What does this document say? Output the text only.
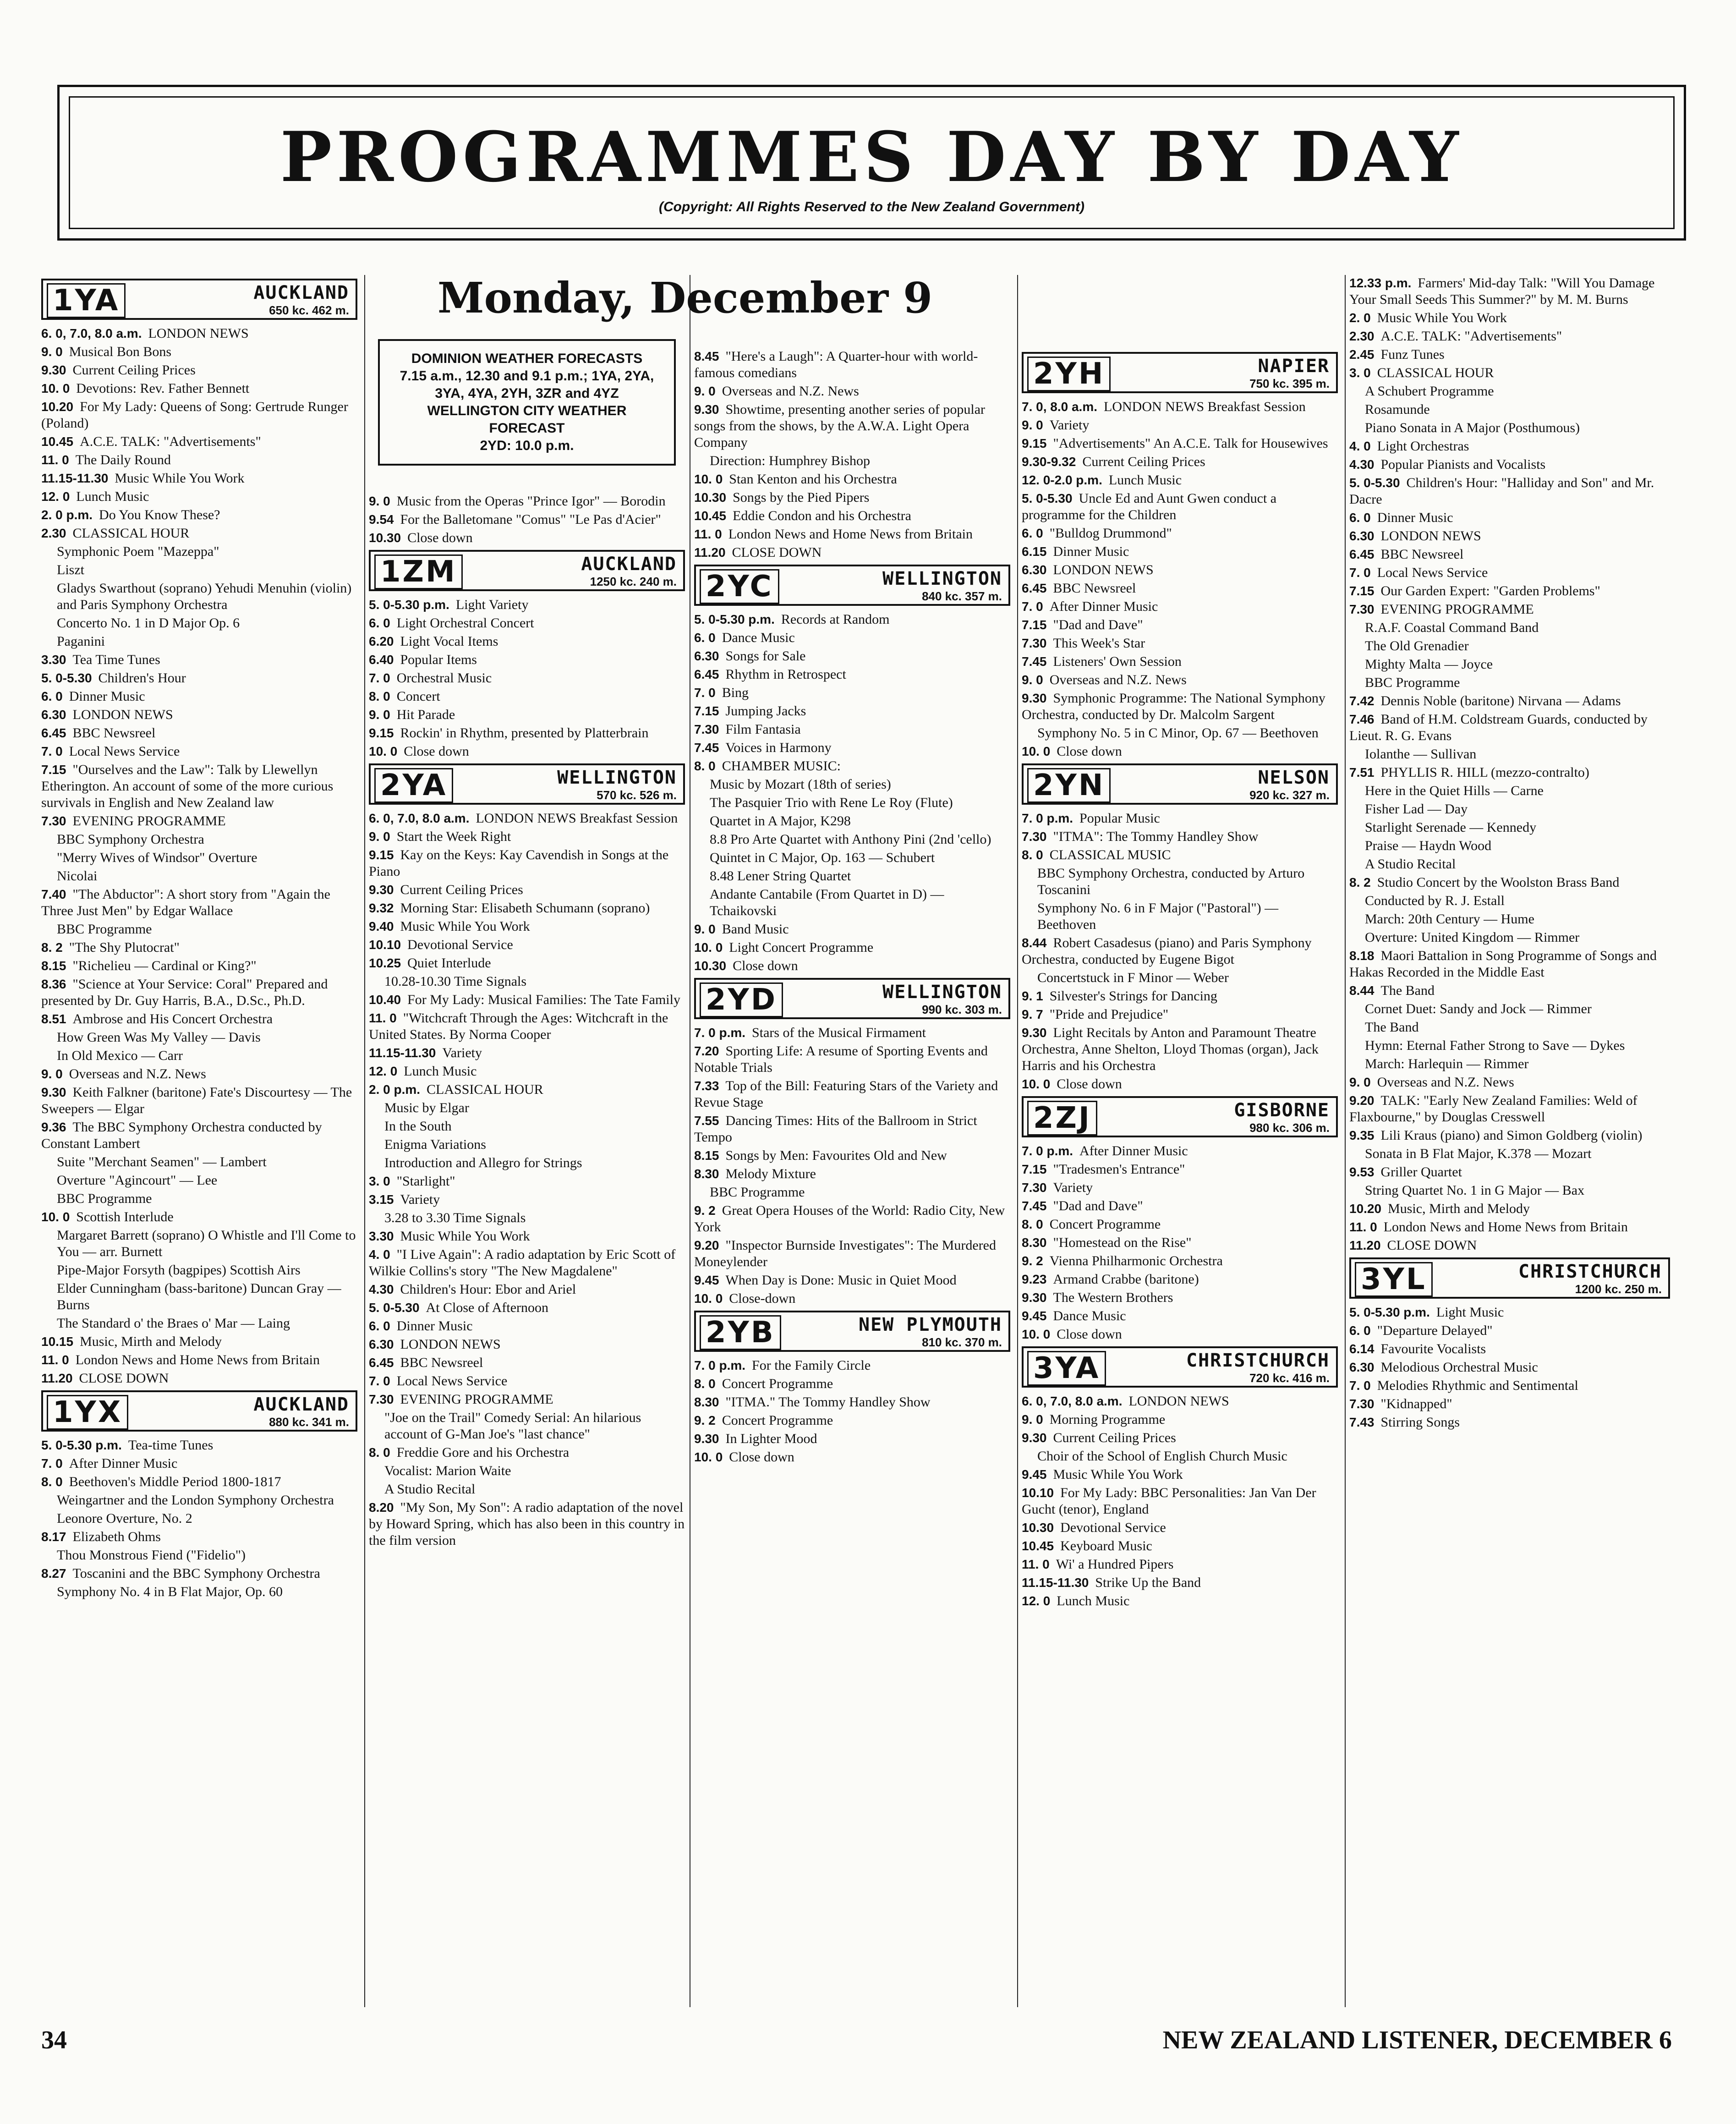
PROGRAMMES DAY BY DAY
(Copyright: All Rights Reserved to the New Zealand Government)
1YA	AUCKLAND
650 kc. 462 m.
6. 0, 7.0, 8.0 a.m. LONDON NEWS
9. 0 Musical Bon Bons
9.30 Current Ceiling Prices
10. 0 Devotions: Rev. Father Bennett
10.20 For My Lady: Queens of Song: Gertrude Runger (Poland)
10.45 A.C.E. TALK: "Advertisements"
11. 0 The Daily Round
11.15-11.30 Music While You Work
12. 0 Lunch Music
2. 0 p.m. Do You Know These?
2.30 CLASSICAL HOUR
Symphonic Poem "Mazeppa"
Liszt
Gladys Swarthout (soprano) Yehudi Menuhin (violin) and Paris Symphony Orchestra
Concerto No. 1 in D Major Op. 6
Paganini
3.30 Tea Time Tunes
5. 0-5.30 Children's Hour
6. 0 Dinner Music
6.30 LONDON NEWS
6.45 BBC Newsreel
7. 0 Local News Service
7.15 "Ourselves and the Law": Talk by Llewellyn Etherington. An account of some of the more curious survivals in English and New Zealand law
7.30 EVENING PROGRAMME
BBC Symphony Orchestra
"Merry Wives of Windsor" Overture
Nicolai
7.40 "The Abductor": A short story from "Again the Three Just Men" by Edgar Wallace
BBC Programme
8. 2 "The Shy Plutocrat"
8.15 "Richelieu — Cardinal or King?"
8.36 "Science at Your Service: Coral" Prepared and presented by Dr. Guy Harris, B.A., D.Sc., Ph.D.
8.51 Ambrose and His Concert Orchestra
How Green Was My Valley — Davis
In Old Mexico — Carr
9. 0 Overseas and N.Z. News
9.30 Keith Falkner (baritone) Fate's Discourtesy — The Sweepers — Elgar
9.36 The BBC Symphony Orchestra conducted by Constant Lambert
Suite "Merchant Seamen" — Lambert
Overture "Agincourt" — Lee
BBC Programme
10. 0 Scottish Interlude
Margaret Barrett (soprano) O Whistle and I'll Come to You — arr. Burnett
Pipe-Major Forsyth (bagpipes) Scottish Airs
Elder Cunningham (bass-baritone) Duncan Gray — Burns
The Standard o' the Braes o' Mar — Laing
10.15 Music, Mirth and Melody
11. 0 London News and Home News from Britain
11.20 CLOSE DOWN
1YX	AUCKLAND
880 kc. 341 m.
5. 0-5.30 p.m. Tea-time Tunes
7. 0 After Dinner Music
8. 0 Beethoven's Middle Period 1800-1817
Weingartner and the London Symphony Orchestra
Leonore Overture, No. 2
8.17 Elizabeth Ohms
Thou Monstrous Fiend ("Fidelio")
8.27 Toscanini and the BBC Symphony Orchestra
Symphony No. 4 in B Flat Major, Op. 60
Monday, December 9
DOMINION WEATHER FORECASTS
7.15 a.m., 12.30 and 9.1 p.m.; 1YA, 2YA, 3YA, 4YA, 2YH, 3ZR and 4YZ
WELLINGTON CITY WEATHER FORECAST
2YD: 10.0 p.m.
9. 0 Music from the Operas "Prince Igor" — Borodin
9.54 For the Balletomane "Comus" "Le Pas d'Acier"
10.30 Close down
1ZM	AUCKLAND
1250 kc. 240 m.
5. 0-5.30 p.m. Light Variety
6. 0 Light Orchestral Concert
6.20 Light Vocal Items
6.40 Popular Items
7. 0 Orchestral Music
8. 0 Concert
9. 0 Hit Parade
9.15 Rockin' in Rhythm, presented by Platterbrain
10. 0 Close down
2YA	WELLINGTON
570 kc. 526 m.
6. 0, 7.0, 8.0 a.m. LONDON NEWS Breakfast Session
9. 0 Start the Week Right
9.15 Kay on the Keys: Kay Cavendish in Songs at the Piano
9.30 Current Ceiling Prices
9.32 Morning Star: Elisabeth Schumann (soprano)
9.40 Music While You Work
10.10 Devotional Service
10.25 Quiet Interlude
10.28-10.30 Time Signals
10.40 For My Lady: Musical Families: The Tate Family
11. 0 "Witchcraft Through the Ages: Witchcraft in the United States. By Norma Cooper
11.15-11.30 Variety
12. 0 Lunch Music
2. 0 p.m. CLASSICAL HOUR
Music by Elgar
In the South
Enigma Variations
Introduction and Allegro for Strings
3. 0 "Starlight"
3.15 Variety
3.28 to 3.30 Time Signals
3.30 Music While You Work
4. 0 "I Live Again": A radio adaptation by Eric Scott of Wilkie Collins's story "The New Magdalene"
4.30 Children's Hour: Ebor and Ariel
5. 0-5.30 At Close of Afternoon
6. 0 Dinner Music
6.30 LONDON NEWS
6.45 BBC Newsreel
7. 0 Local News Service
7.30 EVENING PROGRAMME
"Joe on the Trail" Comedy Serial: An hilarious account of G-Man Joe's "last chance"
8. 0 Freddie Gore and his Orchestra
Vocalist: Marion Waite
A Studio Recital
8.20 "My Son, My Son": A radio adaptation of the novel by Howard Spring, which has also been in this country in the film version
8.45 "Here's a Laugh": A Quarter-hour with world-famous comedians
9. 0 Overseas and N.Z. News
9.30 Showtime, presenting another series of popular songs from the shows, by the A.W.A. Light Opera Company
Direction: Humphrey Bishop
10. 0 Stan Kenton and his Orchestra
10.30 Songs by the Pied Pipers
10.45 Eddie Condon and his Orchestra
11. 0 London News and Home News from Britain
11.20 CLOSE DOWN
2YC	WELLINGTON
840 kc. 357 m.
5. 0-5.30 p.m. Records at Random
6. 0 Dance Music
6.30 Songs for Sale
6.45 Rhythm in Retrospect
7. 0 Bing
7.15 Jumping Jacks
7.30 Film Fantasia
7.45 Voices in Harmony
8. 0 CHAMBER MUSIC:
Music by Mozart (18th of series)
The Pasquier Trio with Rene Le Roy (Flute)
Quartet in A Major, K298
8.8 Pro Arte Quartet with Anthony Pini (2nd 'cello)
Quintet in C Major, Op. 163 — Schubert
8.48 Lener String Quartet
Andante Cantabile (From Quartet in D) — Tchaikovski
9. 0 Band Music
10. 0 Light Concert Programme
10.30 Close down
2YD	WELLINGTON
990 kc. 303 m.
7. 0 p.m. Stars of the Musical Firmament
7.20 Sporting Life: A resume of Sporting Events and Notable Trials
7.33 Top of the Bill: Featuring Stars of the Variety and Revue Stage
7.55 Dancing Times: Hits of the Ballroom in Strict Tempo
8.15 Songs by Men: Favourites Old and New
8.30 Melody Mixture
BBC Programme
9. 2 Great Opera Houses of the World: Radio City, New York
9.20 "Inspector Burnside Investigates": The Murdered Moneylender
9.45 When Day is Done: Music in Quiet Mood
10. 0 Close-down
2YB	NEW PLYMOUTH
810 kc. 370 m.
7. 0 p.m. For the Family Circle
8. 0 Concert Programme
8.30 "ITMA." The Tommy Handley Show
9. 2 Concert Programme
9.30 In Lighter Mood
10. 0 Close down
2YH	NAPIER
750 kc. 395 m.
7. 0, 8.0 a.m. LONDON NEWS Breakfast Session
9. 0 Variety
9.15 "Advertisements" An A.C.E. Talk for Housewives
9.30-9.32 Current Ceiling Prices
12. 0-2.0 p.m. Lunch Music
5. 0-5.30 Uncle Ed and Aunt Gwen conduct a programme for the Children
6. 0 "Bulldog Drummond"
6.15 Dinner Music
6.30 LONDON NEWS
6.45 BBC Newsreel
7. 0 After Dinner Music
7.15 "Dad and Dave"
7.30 This Week's Star
7.45 Listeners' Own Session
9. 0 Overseas and N.Z. News
9.30 Symphonic Programme: The National Symphony Orchestra, conducted by Dr. Malcolm Sargent
Symphony No. 5 in C Minor, Op. 67 — Beethoven
10. 0 Close down
2YN	NELSON
920 kc. 327 m.
7. 0 p.m. Popular Music
7.30 "ITMA": The Tommy Handley Show
8. 0 CLASSICAL MUSIC
BBC Symphony Orchestra, conducted by Arturo Toscanini
Symphony No. 6 in F Major ("Pastoral") — Beethoven
8.44 Robert Casadesus (piano) and Paris Symphony Orchestra, conducted by Eugene Bigot
Concertstuck in F Minor — Weber
9. 1 Silvester's Strings for Dancing
9. 7 "Pride and Prejudice"
9.30 Light Recitals by Anton and Paramount Theatre Orchestra, Anne Shelton, Lloyd Thomas (organ), Jack Harris and his Orchestra
10. 0 Close down
2ZJ	GISBORNE
980 kc. 306 m.
7. 0 p.m. After Dinner Music
7.15 "Tradesmen's Entrance"
7.30 Variety
7.45 "Dad and Dave"
8. 0 Concert Programme
8.30 "Homestead on the Rise"
9. 2 Vienna Philharmonic Orchestra
9.23 Armand Crabbe (baritone)
9.30 The Western Brothers
9.45 Dance Music
10. 0 Close down
3YA	CHRISTCHURCH
720 kc. 416 m.
6. 0, 7.0, 8.0 a.m. LONDON NEWS
9. 0 Morning Programme
9.30 Current Ceiling Prices
Choir of the School of English Church Music
9.45 Music While You Work
10.10 For My Lady: BBC Personalities: Jan Van Der Gucht (tenor), England
10.30 Devotional Service
10.45 Keyboard Music
11. 0 Wi' a Hundred Pipers
11.15-11.30 Strike Up the Band
12. 0 Lunch Music
12.33 p.m. Farmers' Mid-day Talk: "Will You Damage Your Small Seeds This Summer?" by M. M. Burns
2. 0 Music While You Work
2.30 A.C.E. TALK: "Advertisements"
2.45 Funz Tunes
3. 0 CLASSICAL HOUR
A Schubert Programme
Rosamunde
Piano Sonata in A Major (Posthumous)
4. 0 Light Orchestras
4.30 Popular Pianists and Vocalists
5. 0-5.30 Children's Hour: "Halliday and Son" and Mr. Dacre
6. 0 Dinner Music
6.30 LONDON NEWS
6.45 BBC Newsreel
7. 0 Local News Service
7.15 Our Garden Expert: "Garden Problems"
7.30 EVENING PROGRAMME
R.A.F. Coastal Command Band
The Old Grenadier
Mighty Malta — Joyce
BBC Programme
7.42 Dennis Noble (baritone) Nirvana — Adams
7.46 Band of H.M. Coldstream Guards, conducted by Lieut. R. G. Evans
Iolanthe — Sullivan
7.51 PHYLLIS R. HILL (mezzo-contralto)
Here in the Quiet Hills — Carne
Fisher Lad — Day
Starlight Serenade — Kennedy
Praise — Haydn Wood
A Studio Recital
8. 2 Studio Concert by the Woolston Brass Band
Conducted by R. J. Estall
March: 20th Century — Hume
Overture: United Kingdom — Rimmer
8.18 Maori Battalion in Song Programme of Songs and Hakas Recorded in the Middle East
8.44 The Band
Cornet Duet: Sandy and Jock — Rimmer
The Band
Hymn: Eternal Father Strong to Save — Dykes
March: Harlequin — Rimmer
9. 0 Overseas and N.Z. News
9.20 TALK: "Early New Zealand Families: Weld of Flaxbourne," by Douglas Cresswell
9.35 Lili Kraus (piano) and Simon Goldberg (violin)
Sonata in B Flat Major, K.378 — Mozart
9.53 Griller Quartet
String Quartet No. 1 in G Major — Bax
10.20 Music, Mirth and Melody
11. 0 London News and Home News from Britain
11.20 CLOSE DOWN
3YL	CHRISTCHURCH
1200 kc. 250 m.
5. 0-5.30 p.m. Light Music
6. 0 "Departure Delayed"
6.14 Favourite Vocalists
6.30 Melodious Orchestral Music
7. 0 Melodies Rhythmic and Sentimental
7.30 "Kidnapped"
7.43 Stirring Songs
34	NEW ZEALAND LISTENER, DECEMBER 6
